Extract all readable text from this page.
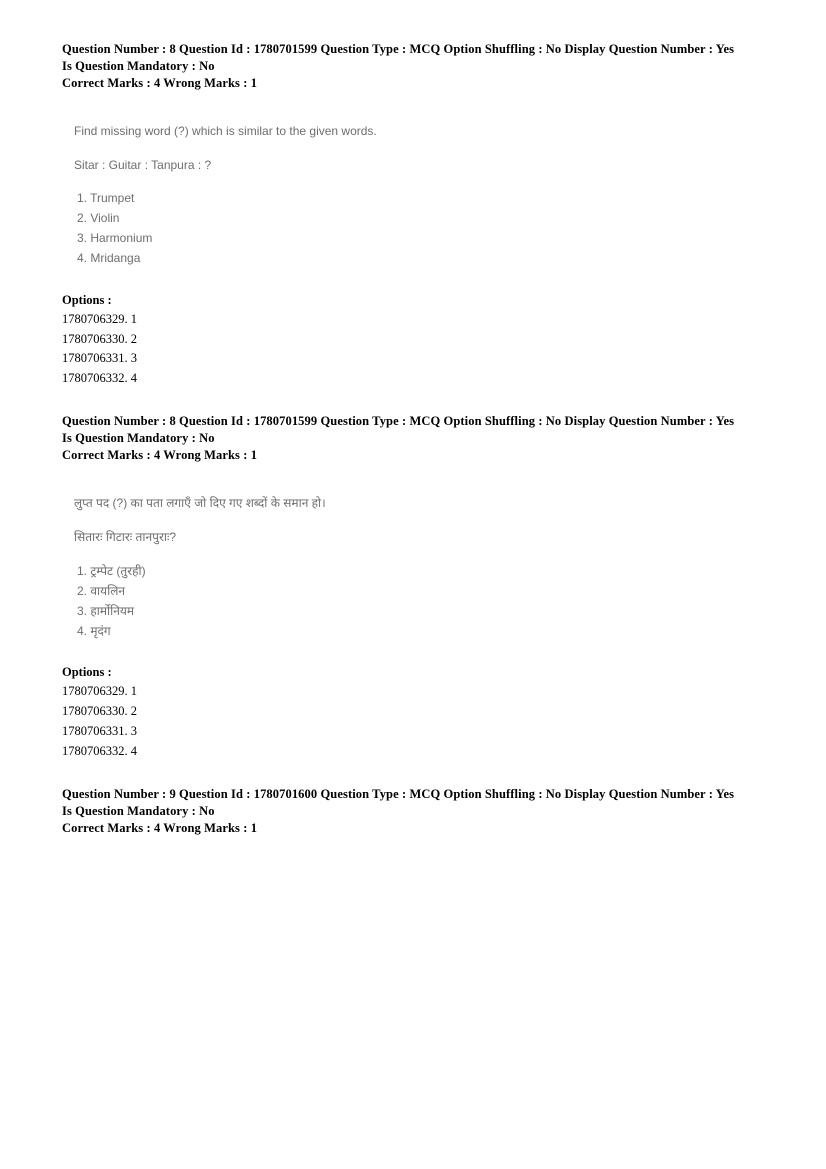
Question Number : 8 Question Id : 1780701599 Question Type : MCQ Option Shuffling : No Display Question Number : Yes
Is Question Mandatory : No
Correct Marks : 4 Wrong Marks : 1
Find missing word (?) which is similar to the given words.
Sitar : Guitar : Tanpura : ?
1. Trumpet
2. Violin
3. Harmonium
4. Mridanga
Options :
1780706329. 1
1780706330. 2
1780706331. 3
1780706332. 4
Question Number : 8 Question Id : 1780701599 Question Type : MCQ Option Shuffling : No Display Question Number : Yes
Is Question Mandatory : No
Correct Marks : 4 Wrong Marks : 1
लुप्त पद (?) का पता लगाएँ जो दिए गए शब्दों के समान हो।
सितारः गिटारः तानपुराः?
1. ट्रम्पेट (तुरही)
2. वायलिन
3. हार्मोनियम
4. मृदंग
Options :
1780706329. 1
1780706330. 2
1780706331. 3
1780706332. 4
Question Number : 9 Question Id : 1780701600 Question Type : MCQ Option Shuffling : No Display Question Number : Yes
Is Question Mandatory : No
Correct Marks : 4 Wrong Marks : 1
